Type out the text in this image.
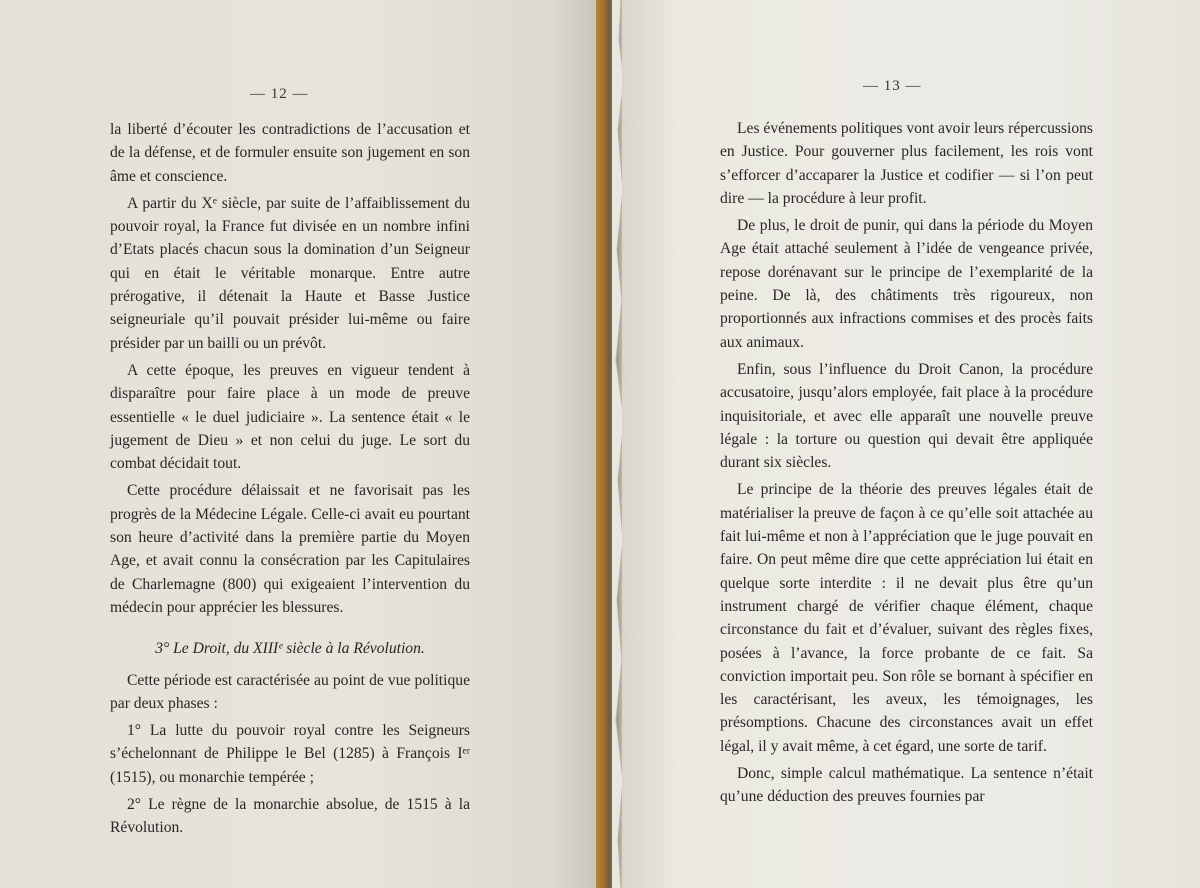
— 12 —

la liberté d’écouter les contradictions de l’accusation et de la défense, et de formuler ensuite son jugement en son âme et conscience.

A partir du Xᵉ siècle, par suite de l’affaiblissement du pouvoir royal, la France fut divisée en un nombre infini d’Etats placés chacun sous la domination d’un Seigneur qui en était le véritable monarque. Entre autre prérogative, il détenait la Haute et Basse Justice seigneuriale qu’il pouvait présider lui-même ou faire présider par un bailli ou un prévôt.

A cette époque, les preuves en vigueur tendent à disparaître pour faire place à un mode de preuve essentielle « le duel judiciaire ». La sentence était « le jugement de Dieu » et non celui du juge. Le sort du combat décidait tout.

Cette procédure délaissait et ne favorisait pas les progrès de la Médecine Légale. Celle-ci avait eu pourtant son heure d’activité dans la première partie du Moyen Age, et avait connu la consécration par les Capitulaires de Charlemagne (800) qui exigeaient l’intervention du médecin pour apprécier les blessures.

3° Le Droit, du XIIIᵉ siècle à la Révolution.

Cette période est caractérisée au point de vue politique par deux phases :

1° La lutte du pouvoir royal contre les Seigneurs s’échelonnant de Philippe le Bel (1285) à François Iᵉʳ (1515), ou monarchie tempérée ;

2° Le règne de la monarchie absolue, de 1515 à la Révolution.

— 13 —

Les événements politiques vont avoir leurs répercussions en Justice. Pour gouverner plus facilement, les rois vont s’efforcer d’accaparer la Justice et codifier — si l’on peut dire — la procédure à leur profit.

De plus, le droit de punir, qui dans la période du Moyen Age était attaché seulement à l’idée de vengeance privée, repose dorénavant sur le principe de l’exemplarité de la peine. De là, des châtiments très rigoureux, non proportionnés aux infractions commises et des procès faits aux animaux.

Enfin, sous l’influence du Droit Canon, la procédure accusatoire, jusqu’alors employée, fait place à la procédure inquisitoriale, et avec elle apparaît une nouvelle preuve légale : la torture ou question qui devait être appliquée durant six siècles.

Le principe de la théorie des preuves légales était de matérialiser la preuve de façon à ce qu’elle soit attachée au fait lui-même et non à l’appréciation que le juge pouvait en faire. On peut même dire que cette appréciation lui était en quelque sorte interdite : il ne devait plus être qu’un instrument chargé de vérifier chaque élément, chaque circonstance du fait et d’évaluer, suivant des règles fixes, posées à l’avance, la force probante de ce fait. Sa conviction importait peu. Son rôle se bornant à spécifier en les caractérisant, les aveux, les témoignages, les présomptions. Chacune des circonstances avait un effet légal, il y avait même, à cet égard, une sorte de tarif.

Donc, simple calcul mathématique. La sentence n’était qu’une déduction des preuves fournies par
